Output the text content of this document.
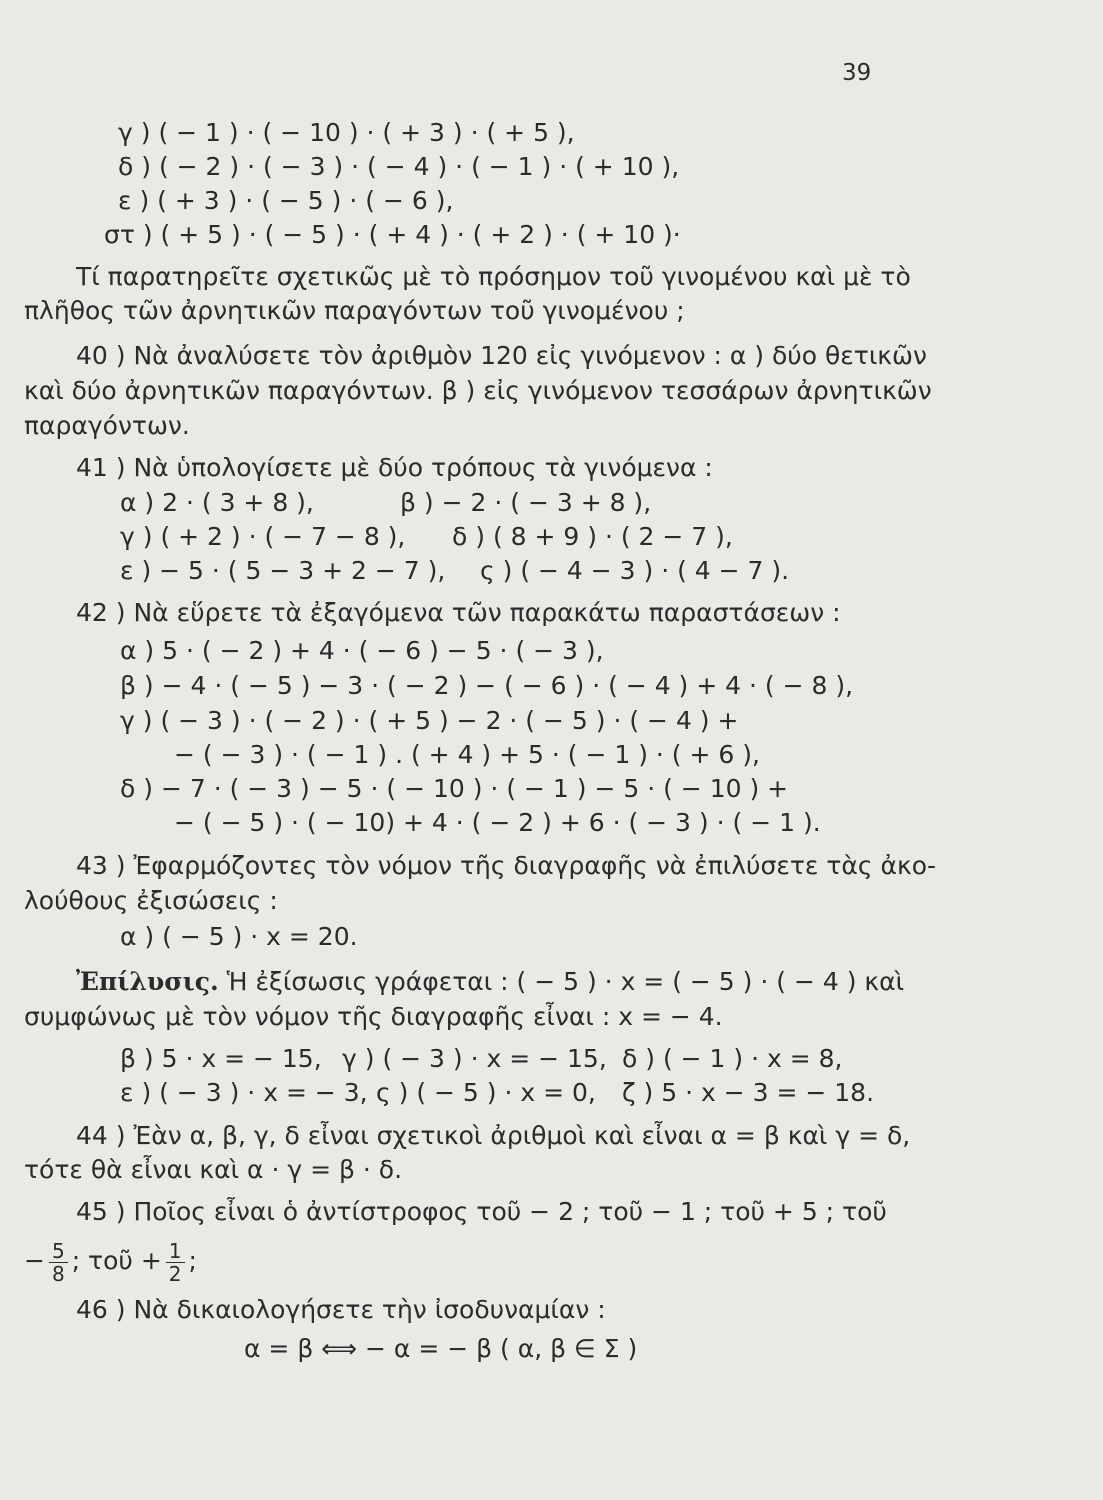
39
γ ) ( − 1 ) · ( − 10 ) · ( + 3 ) · ( + 5 ),
δ ) ( − 2 ) · ( − 3 ) · ( − 4 ) · ( − 1 ) · ( + 10 ),
ε ) ( + 3 ) · ( − 5 ) · ( − 6 ),
στ ) ( + 5 ) · ( − 5 ) · ( + 4 ) · ( + 2 ) · ( + 10 )·
Τί παρατηρεῖτε σχετικῶς μὲ τὸ πρόσημον τοῦ γινομένου καὶ μὲ τὸ
πλῆθος τῶν ἀρνητικῶν παραγόντων τοῦ γινομένου ;
40 ) Νὰ ἀναλύσετε τὸν ἀριθμὸν 120 εἰς γινόμενον : α ) δύο θετικῶν
καὶ δύο ἀρνητικῶν παραγόντων. β ) εἰς γινόμενον τεσσάρων ἀρνητικῶν
παραγόντων.
41 ) Νὰ ὑπολογίσετε μὲ δύο τρόπους τὰ γινόμενα :
α ) 2 · ( 3 + 8 ),	β ) − 2 · ( − 3 + 8 ),
γ ) ( + 2 ) · ( − 7 − 8 ), δ ) ( 8 + 9 ) · ( 2 − 7 ),
ε ) − 5 · ( 5 − 3 + 2 − 7 ), ς ) ( − 4 − 3 ) · ( 4 − 7 ).
42 ) Νὰ εὕρετε τὰ ἐξαγόμενα τῶν παρακάτω παραστάσεων :
α ) 5 · ( − 2 ) + 4 · ( − 6 ) − 5 · ( − 3 ),
β ) − 4 · ( − 5 ) − 3 · ( − 2 ) − ( − 6 ) · ( − 4 ) + 4 · ( − 8 ),
γ ) ( − 3 ) · ( − 2 ) · ( + 5 ) − 2 · ( − 5 ) · ( − 4 ) +
− ( − 3 ) · ( − 1 ) . ( + 4 ) + 5 · ( − 1 ) · ( + 6 ),
δ ) − 7 · ( − 3 ) − 5 · ( − 10 ) · ( − 1 ) − 5 · ( − 10 ) +
− ( − 5 ) · ( − 10) + 4 · ( − 2 ) + 6 · ( − 3 ) · ( − 1 ).
43 ) Ἐφαρμόζοντες τὸν νόμον τῆς διαγραφῆς νὰ ἐπιλύσετε τὰς ἀκο-
λούθους ἐξισώσεις :
α ) ( − 5 ) · x = 20.
Ἐπίλυσις. Ἡ ἐξίσωσις γράφεται : ( − 5 ) · x = ( − 5 ) · ( − 4 ) καὶ
συμφώνως μὲ τὸν νόμον τῆς διαγραφῆς εἶναι : x = − 4.
β ) 5 · x = − 15, γ ) ( − 3 ) · x = − 15, δ ) ( − 1 ) · x = 8,
ε ) ( − 3 ) · x = − 3, ς ) ( − 5 ) · x = 0, ζ ) 5 · x − 3 = − 18.
44 ) Ἐὰν α, β, γ, δ εἶναι σχετικοὶ ἀριθμοὶ καὶ εἶναι α = β καὶ γ = δ,
τότε θὰ εἶναι καὶ α · γ = β · δ.
45 ) Ποῖος εἶναι ὁ ἀντίστροφος τοῦ − 2 ; τοῦ − 1 ; τοῦ + 5 ; τοῦ
− $\frac{5}{8}$ ; τοῦ + $\frac{1}{2}$ ;
46 ) Νὰ δικαιολογήσετε τὴν ἰσοδυναμίαν :
α = β ⟺ − α = − β ( α, β ∈ Σ )
